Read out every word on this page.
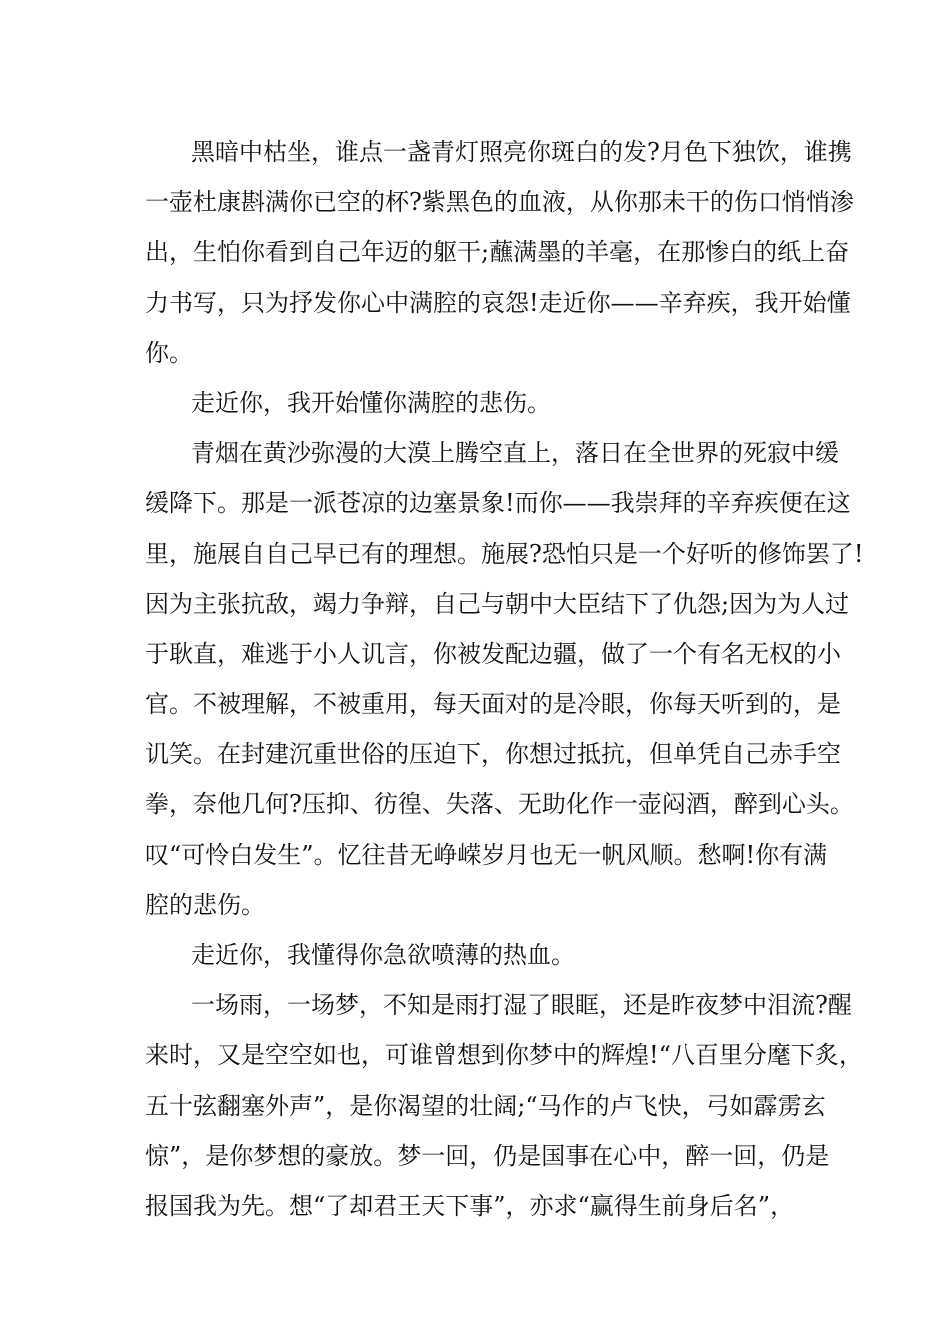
黑暗中枯坐，谁点一盏青灯照亮你斑白的发?月色下独饮，谁携
一壶杜康斟满你已空的杯?紫黑色的血液，从你那未干的伤口悄悄渗
出，生怕你看到自己年迈的躯干;蘸满墨的羊毫，在那惨白的纸上奋
力书写，只为抒发你心中满腔的哀怨!走近你——辛弃疾，我开始懂
你。
走近你，我开始懂你满腔的悲伤。
青烟在黄沙弥漫的大漠上腾空直上，落日在全世界的死寂中缓
缓降下。那是一派苍凉的边塞景象!而你——我崇拜的辛弃疾便在这
里，施展自自己早已有的理想。施展?恐怕只是一个好听的修饰罢了!
因为主张抗敌，竭力争辩，自己与朝中大臣结下了仇怨;因为为人过
于耿直，难逃于小人讥言，你被发配边疆，做了一个有名无权的小
官。不被理解，不被重用，每天面对的是冷眼，你每天听到的，是
讥笑。在封建沉重世俗的压迫下，你想过抵抗，但单凭自己赤手空
拳，奈他几何?压抑、彷徨、失落、无助化作一壶闷酒，醉到心头。
叹“可怜白发生”。忆往昔无峥嵘岁月也无一帆风顺。愁啊!你有满
腔的悲伤。
走近你，我懂得你急欲喷薄的热血。
一场雨，一场梦，不知是雨打湿了眼眶，还是昨夜梦中泪流?醒
来时，又是空空如也，可谁曾想到你梦中的辉煌!“八百里分麾下炙，
五十弦翻塞外声”，是你渴望的壮阔;“马作的卢飞快，弓如霹雳玄
惊”，是你梦想的豪放。梦一回，仍是国事在心中，醉一回，仍是
报国我为先。想“了却君王天下事”，亦求“赢得生前身后名”，
